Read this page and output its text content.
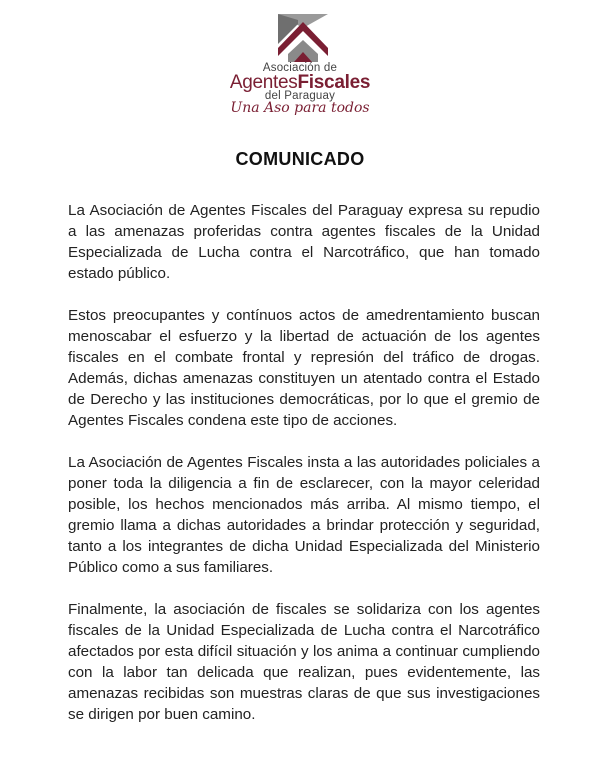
Asociación de
AgentesFiscales
del Paraguay
Una Aso para todos
COMUNICADO

La Asociación de Agentes Fiscales del Paraguay expresa su repudio a las amenazas proferidas contra agentes fiscales de la Unidad Especializada de Lucha contra el Narcotráfico, que han tomado estado público.

Estos preocupantes y contínuos actos de amedrentamiento buscan menoscabar el esfuerzo y la libertad de actuación de los agentes fiscales en el combate frontal y represión del tráfico de drogas. Además, dichas amenazas constituyen un atentado contra el Estado de Derecho y las instituciones democráticas, por lo que el gremio de Agentes Fiscales condena este tipo de acciones.

La Asociación de Agentes Fiscales insta a las autoridades policiales a poner toda la diligencia a fin de esclarecer, con la mayor celeridad posible, los hechos mencionados más arriba. Al mismo tiempo, el gremio llama a dichas autoridades a brindar protección y seguridad, tanto a los integrantes de dicha Unidad Especializada del Ministerio Público como a sus familiares.

Finalmente, la asociación de fiscales se solidariza con los agentes fiscales de la Unidad Especializada de Lucha contra el Narcotráfico afectados por esta difícil situación y los anima a continuar cumpliendo con la labor tan delicada que realizan, pues evidentemente, las amenazas recibidas son muestras claras de que sus investigaciones se dirigen por buen camino.
